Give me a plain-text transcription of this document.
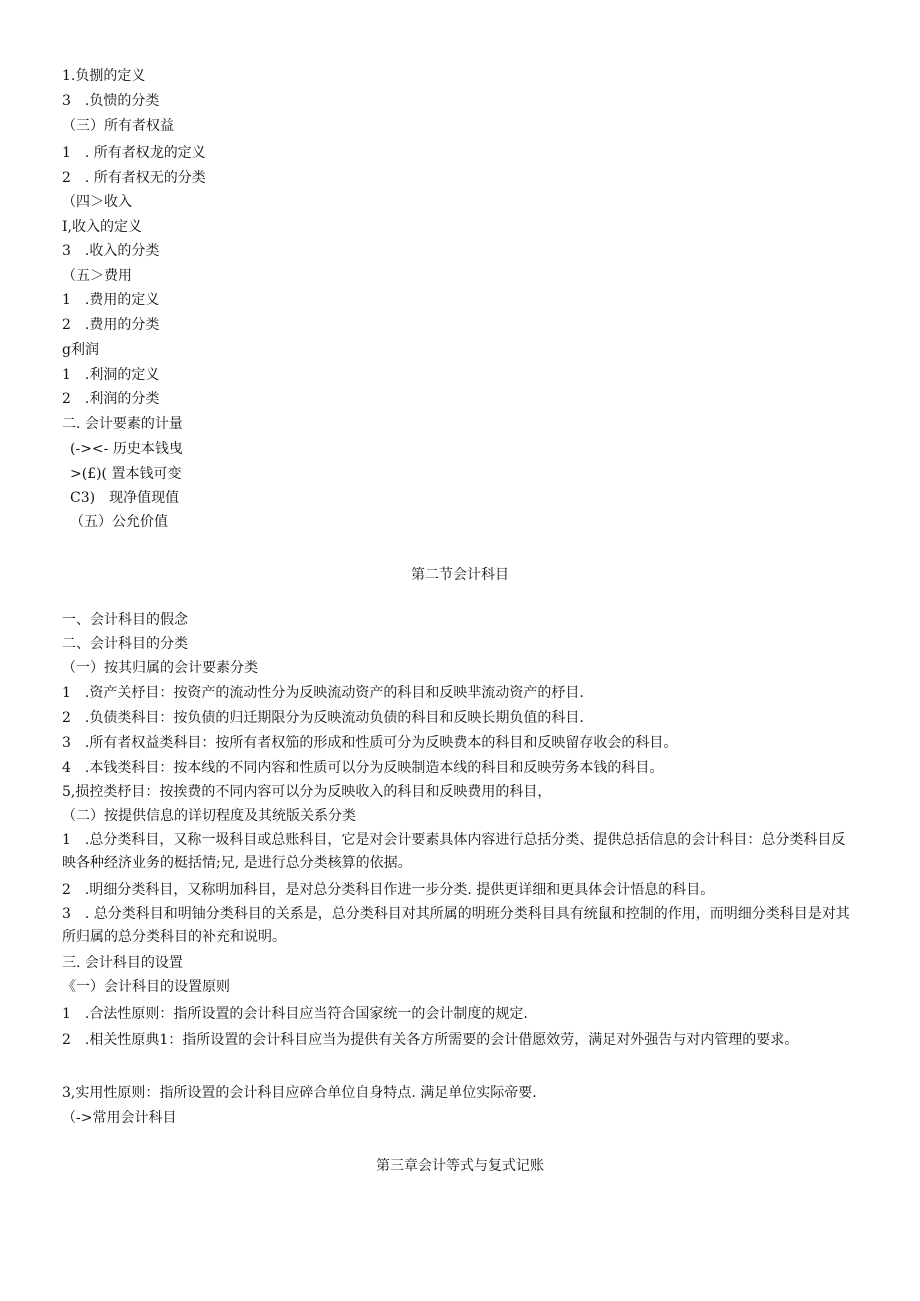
1.负捌的定义
3　.负愦的分类
（三）所有者权益
1　. 所有者权龙的定义
2　. 所有者权无的分类
（四＞收入
I,收入的定义
3　.收入的分类
（五＞费用
1　.费用的定义
2　.费用的分类
g利润
1　.利洞的定义
2　.利润的分类
二. 会计要素的计量
(-><- 历史本钱曳
>(£)( 置本钱可变
C3)　现净值现值
（五）公允价值
第二节会计科目
一、会计科目的假念
二、会计科目的分类
（一）按其归属的会计要素分类
1　.资产关杼目：按资产的流动性分为反映流动资产的科目和反映芈流动资产的杼目.
2　.负债类科目：按负债的归迁期限分为反映流动负债的科目和反映长期负值的科目.
3　.所有者权益类科目：按所有者权笳的形成和性质可分为反映费本的科目和反映留存收会的科目。
4　.本钱类科目：按本线的不同内容和性质可以分为反映制造本线的科目和反映劳务本钱的科目。
5,损控类杼目：按挨费的不同内容可以分为反映收入的科目和反映费用的科目，
（二）按提供信息的详切程度及其统版关系分类
1　.总分类科目，又称一圾科目或总账科目，它是对会计要素具体内容进行总括分类、提供总括信息的会计科目：总分类科目反映各种经济业务的梃括情;兄, 是进行总分类核算的依据。
2　.明细分类科目，又称明加科目，是对总分类科目作进一步分类. 提供更详细和更具体会计悟息的科目。
3　. 总分类科目和明铀分类科目的关系是，总分类科目对其所属的明班分类科目具有统鼠和控制的作用，而明细分类科目是对其所归属的总分类科目的补充和说明。
三. 会计科目的设置
《一）会计科目的设置原则
1　.合法性原则：指所设置的会计科目应当符合国家统一的会计制度的规定.
2　.相关性原典1：指所设置的会计科目应当为提供有关各方所需要的会计借愿效劳，满足对外强告与对内管理的要求。
3,实用性原则：指所设置的会计科目应碎合单位自身特点. 满足单位实际帝要.
（->常用会计科目
第三章会计等式与复式记账
